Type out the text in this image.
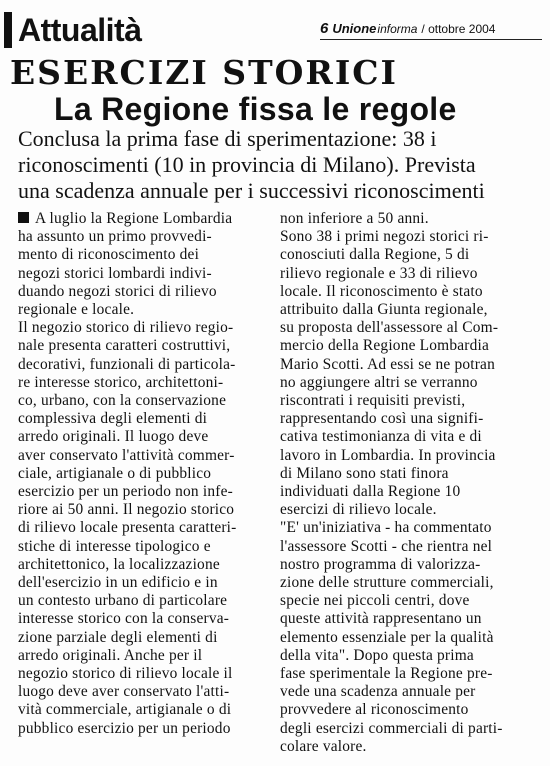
Attualità	6 Unione informa / ottobre 2004
ESERCIZI STORICI
La Regione fissa le regole
Conclusa la prima fase di sperimentazione: 38 i
riconoscimenti (10 in provincia di Milano). Prevista
una scadenza annuale per i successivi riconoscimenti
A luglio la Regione Lombardia
ha assunto un primo provvedi-
mento di riconoscimento dei
negozi storici lombardi indivi-
duando negozi storici di rilievo
regionale e locale.
Il negozio storico di rilievo regio-
nale presenta caratteri costruttivi,
decorativi, funzionali di particola-
re interesse storico, architettoni-
co, urbano, con la conservazione
complessiva degli elementi di
arredo originali. Il luogo deve
aver conservato l'attività commer-
ciale, artigianale o di pubblico
esercizio per un periodo non infe-
riore ai 50 anni. Il negozio storico
di rilievo locale presenta caratteri-
stiche di interesse tipologico e
architettonico, la localizzazione
dell'esercizio in un edificio e in
un contesto urbano di particolare
interesse storico con la conserva-
zione parziale degli elementi di
arredo originali. Anche per il
negozio storico di rilievo locale il
luogo deve aver conservato l'atti-
vità commerciale, artigianale o di
pubblico esercizio per un periodo
non inferiore a 50 anni.
Sono 38 i primi negozi storici ri-
conosciuti dalla Regione, 5 di
rilievo regionale e 33 di rilievo
locale. Il riconoscimento è stato
attribuito dalla Giunta regionale,
su proposta dell'assessore al Com-
mercio della Regione Lombardia
Mario Scotti. Ad essi se ne potran
no aggiungere altri se verranno
riscontrati i requisiti previsti,
rappresentando così una signifi-
cativa testimonianza di vita e di
lavoro in Lombardia. In provincia
di Milano sono stati finora
individuati dalla Regione 10
esercizi di rilievo locale.
"E' un'iniziativa - ha commentato
l'assessore Scotti - che rientra nel
nostro programma di valorizza-
zione delle strutture commerciali,
specie nei piccoli centri, dove
queste attività rappresentano un
elemento essenziale per la qualità
della vita". Dopo questa prima
fase sperimentale la Regione pre-
vede una scadenza annuale per
provvedere al riconoscimento
degli esercizi commerciali di parti-
colare valore.
